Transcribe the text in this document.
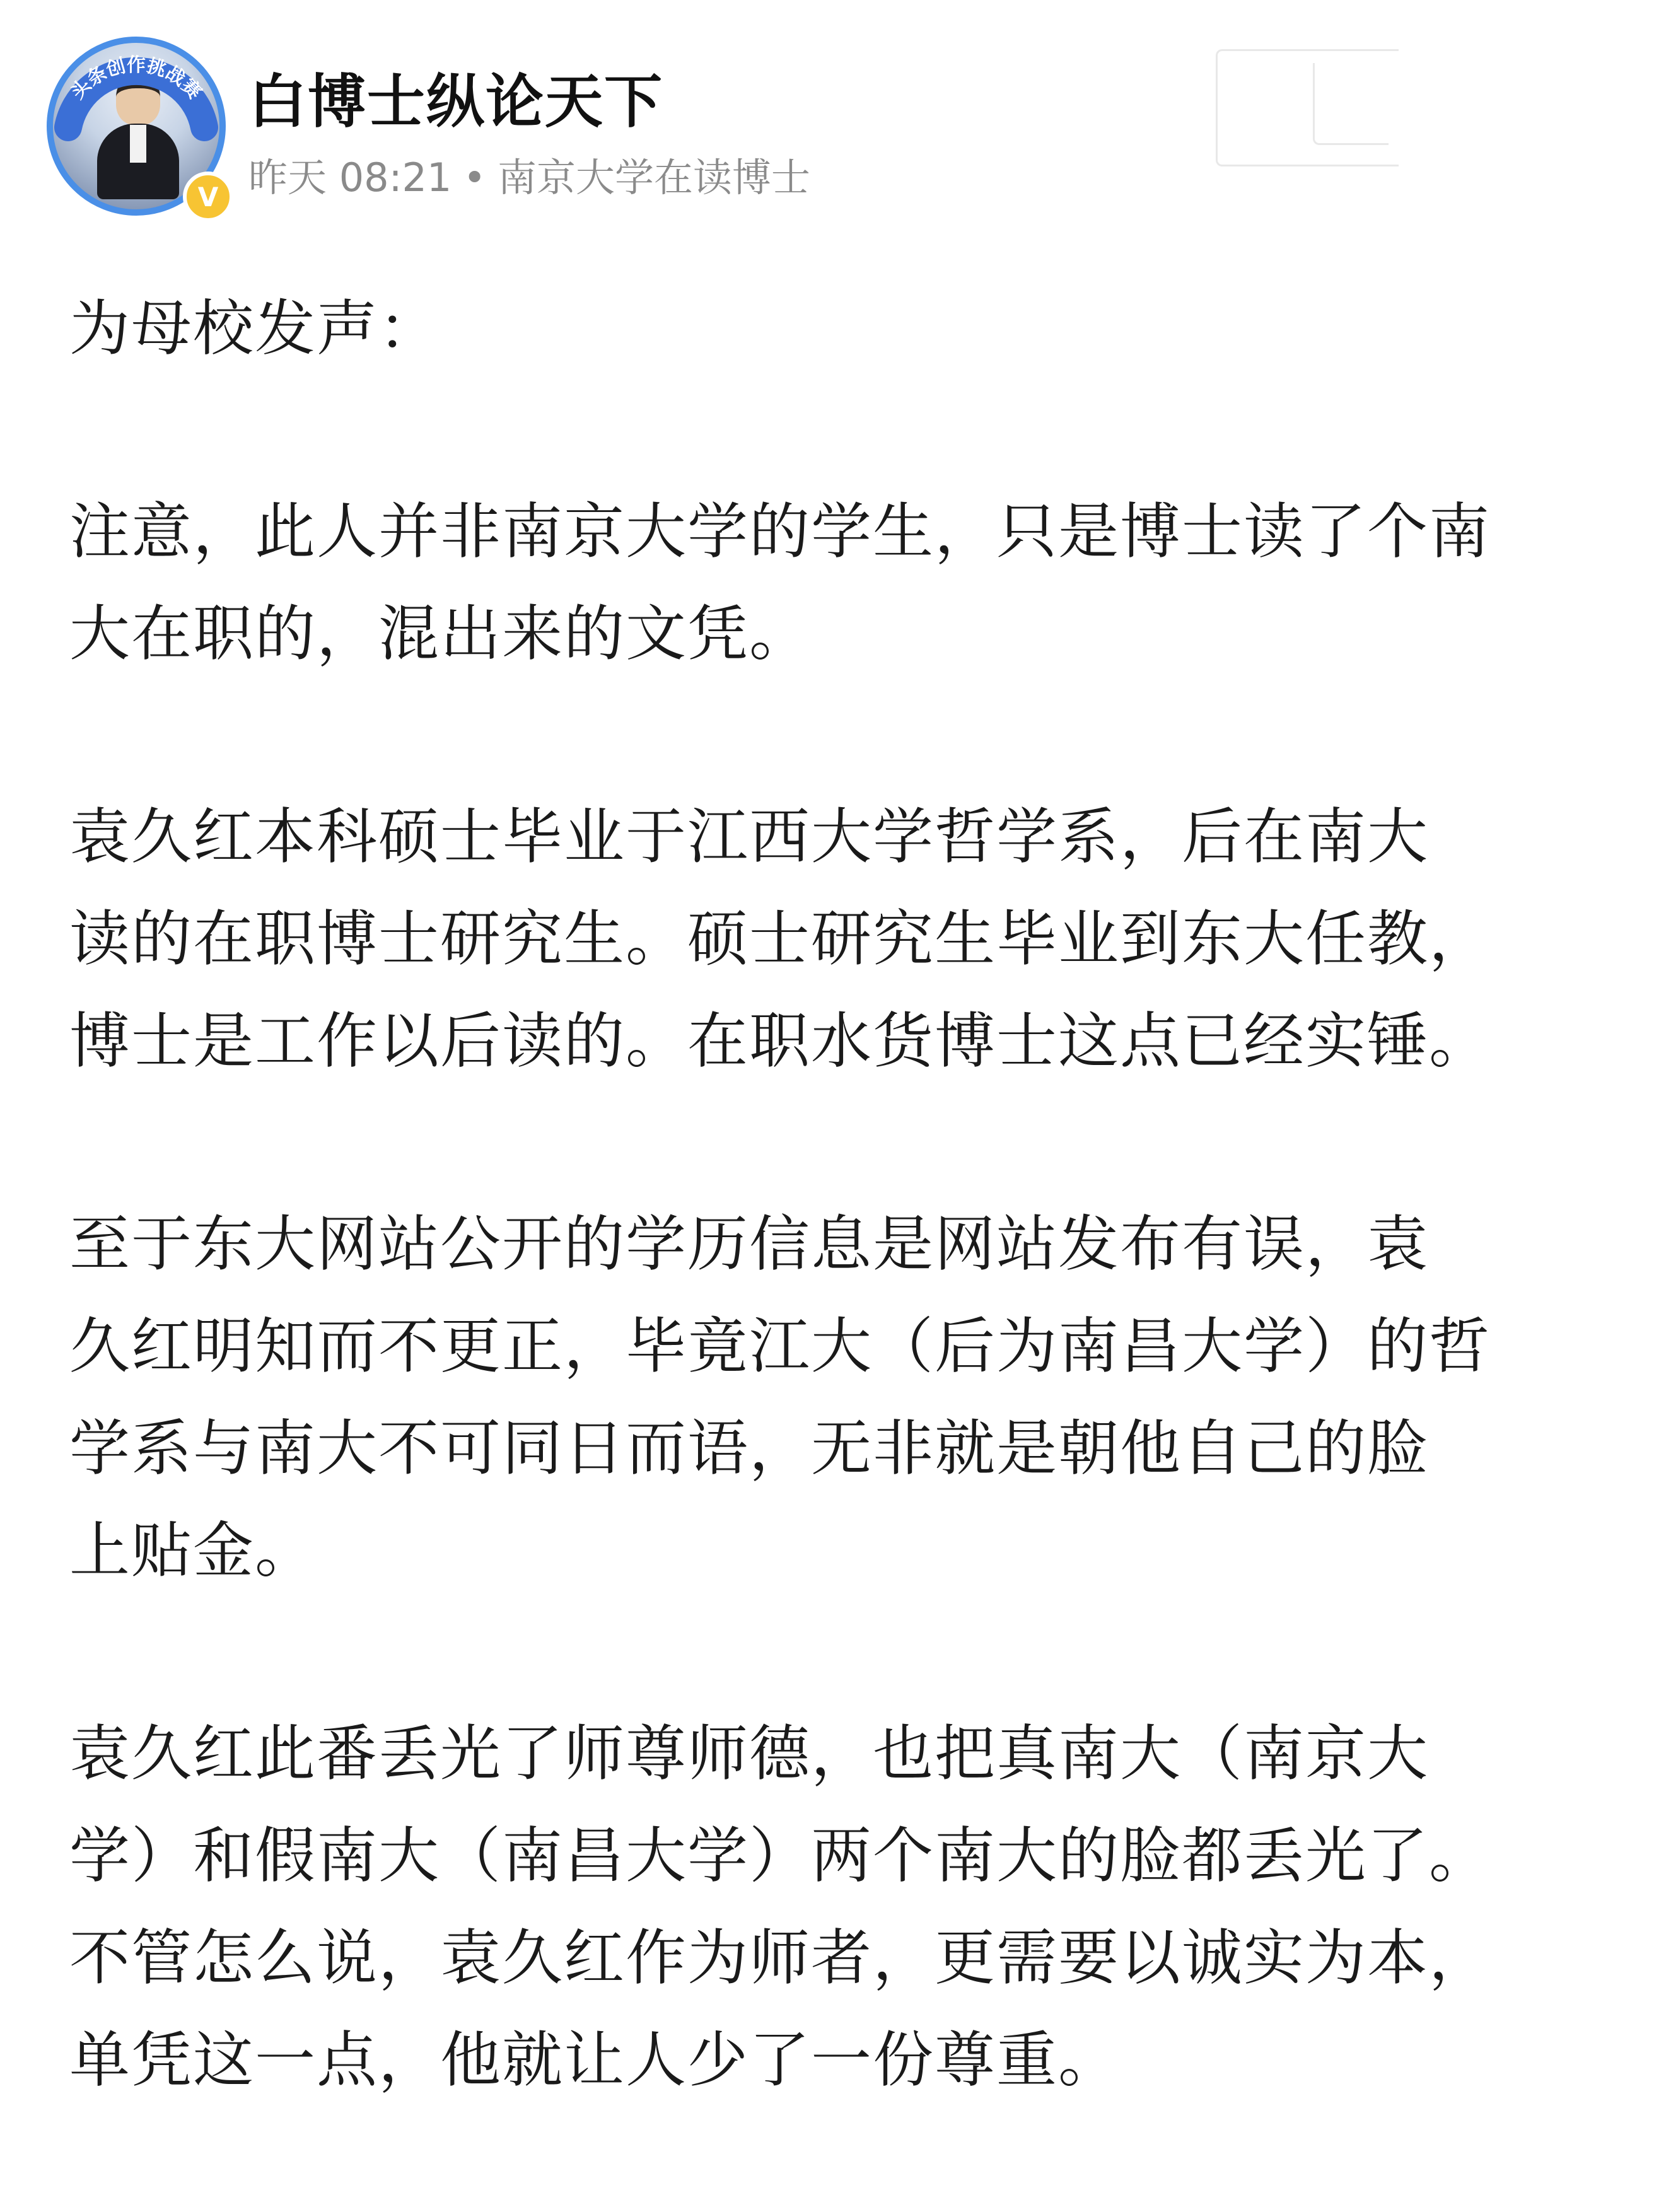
头条创作挑战赛
V
白博士纵论天下
昨天 08:21 • 南京大学在读博士

为母校发声：

注意，此人并非南京大学的学生，只是博士读了个南
大在职的，混出来的文凭。

袁久红本科硕士毕业于江西大学哲学系，后在南大
读的在职博士研究生。硕士研究生毕业到东大任教，
博士是工作以后读的。在职水货博士这点已经实锤。

至于东大网站公开的学历信息是网站发布有误，袁
久红明知而不更正，毕竟江大（后为南昌大学）的哲
学系与南大不可同日而语，无非就是朝他自己的脸
上贴金。

袁久红此番丢光了师尊师德，也把真南大（南京大
学）和假南大（南昌大学）两个南大的脸都丢光了。
不管怎么说，袁久红作为师者，更需要以诚实为本，
单凭这一点，他就让人少了一份尊重。
